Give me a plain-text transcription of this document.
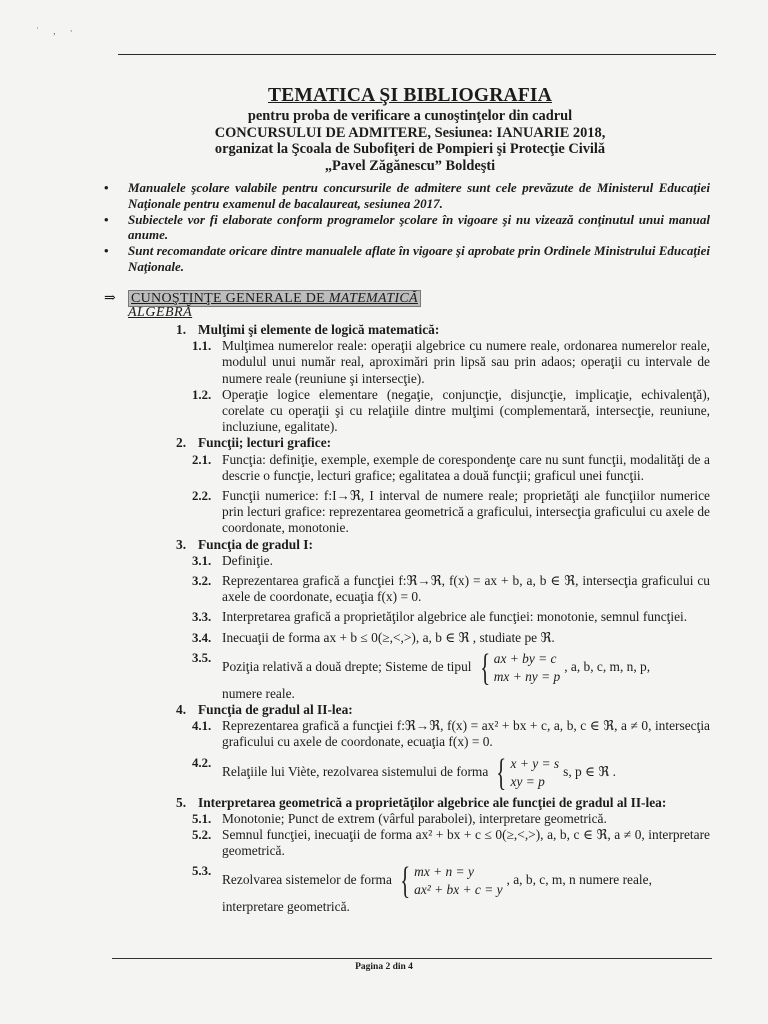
˙ , ·
TEMATICA ŞI BIBLIOGRAFIA
pentru proba de verificare a cunoştinţelor din cadrul
CONCURSULUI DE ADMITERE, Sesiunea: IANUARIE 2018,
organizat la Şcoala de Subofiţeri de Pompieri şi Protecţie Civilă
„Pavel Zăgănescu” Boldeşti
• Manualele şcolare valabile pentru concursurile de admitere sunt cele prevăzute de Ministerul Educaţiei Naţionale pentru examenul de bacalaureat, sesiunea 2017.
• Subiectele vor fi elaborate conform programelor şcolare în vigoare şi nu vizează conţinutul unui manual anume.
• Sunt recomandate oricare dintre manualele aflate în vigoare şi aprobate prin Ordinele Ministrului Educaţiei Naţionale.
⇒ CUNOŞTINŢE GENERALE DE MATEMATICĂ
ALGEBRĂ
1. Mulţimi şi elemente de logică matematică:
1.1. Mulţimea numerelor reale: operaţii algebrice cu numere reale, ordonarea numerelor reale, modulul unui număr real, aproximări prin lipsă sau prin adaos; operaţii cu intervale de numere reale (reuniune şi intersecţie).
1.2. Operaţie logice elementare (negaţie, conjuncţie, disjuncţie, implicaţie, echivalenţă), corelate cu operaţii şi cu relaţiile dintre mulţimi (complementară, intersecţie, reuniune, incluziune, egalitate).
2. Funcţii; lecturi grafice:
2.1. Funcţia: definiţie, exemple, exemple de corespondenţe care nu sunt funcţii, modalităţi de a descrie o funcţie, lecturi grafice; egalitatea a două funcţii; graficul unei funcţii.
2.2. Funcţii numerice: f:I→ℜ, I interval de numere reale; proprietăţi ale funcţiilor numerice prin lecturi grafice: reprezentarea geometrică a graficului, intersecţia graficului cu axele de coordonate, monotonie.
3. Funcţia de gradul I:
3.1. Definiţie.
3.2. Reprezentarea grafică a funcţiei f:ℜ→ℜ, f(x) = ax + b, a, b ∈ ℜ, intersecţia graficului cu axele de coordonate, ecuaţia f(x) = 0.
3.3. Interpretarea grafică a proprietăţilor algebrice ale funcţiei: monotonie, semnul funcţiei.
3.4. Inecuaţii de forma ax + b ≤ 0(≥,<,>), a, b ∈ ℜ , studiate pe ℜ.
3.5.
Poziţia relativă a două drepte; Sisteme de tipul { ax + by = c
mx + ny = p, a, b, c, m, n, p,
numere reale.
4. Funcţia de gradul al II-lea:
4.1. Reprezentarea grafică a funcţiei f:ℜ→ℜ, f(x) = ax² + bx + c, a, b, c ∈ ℜ, a ≠ 0, intersecţia graficului cu axele de coordonate, ecuaţia f(x) = 0.
4.2.
Relaţiile lui Viète, rezolvarea sistemului de forma { x + y = s
xy = ps, p ∈ ℜ .
5. Interpretarea geometrică a proprietăţilor algebrice ale funcţiei de gradul al II-lea:
5.1. Monotonie; Punct de extrem (vârful parabolei), interpretare geometrică.
5.2. Semnul funcţiei, inecuaţii de forma ax² + bx + c ≤ 0(≥,<,>), a, b, c ∈ ℜ, a ≠ 0, interpretare geometrică.
5.3.
Rezolvarea sistemelor de forma { mx + n = y
ax² + bx + c = y, a, b, c, m, n numere reale,
interpretare geometrică.
Pagina 2 din 4
